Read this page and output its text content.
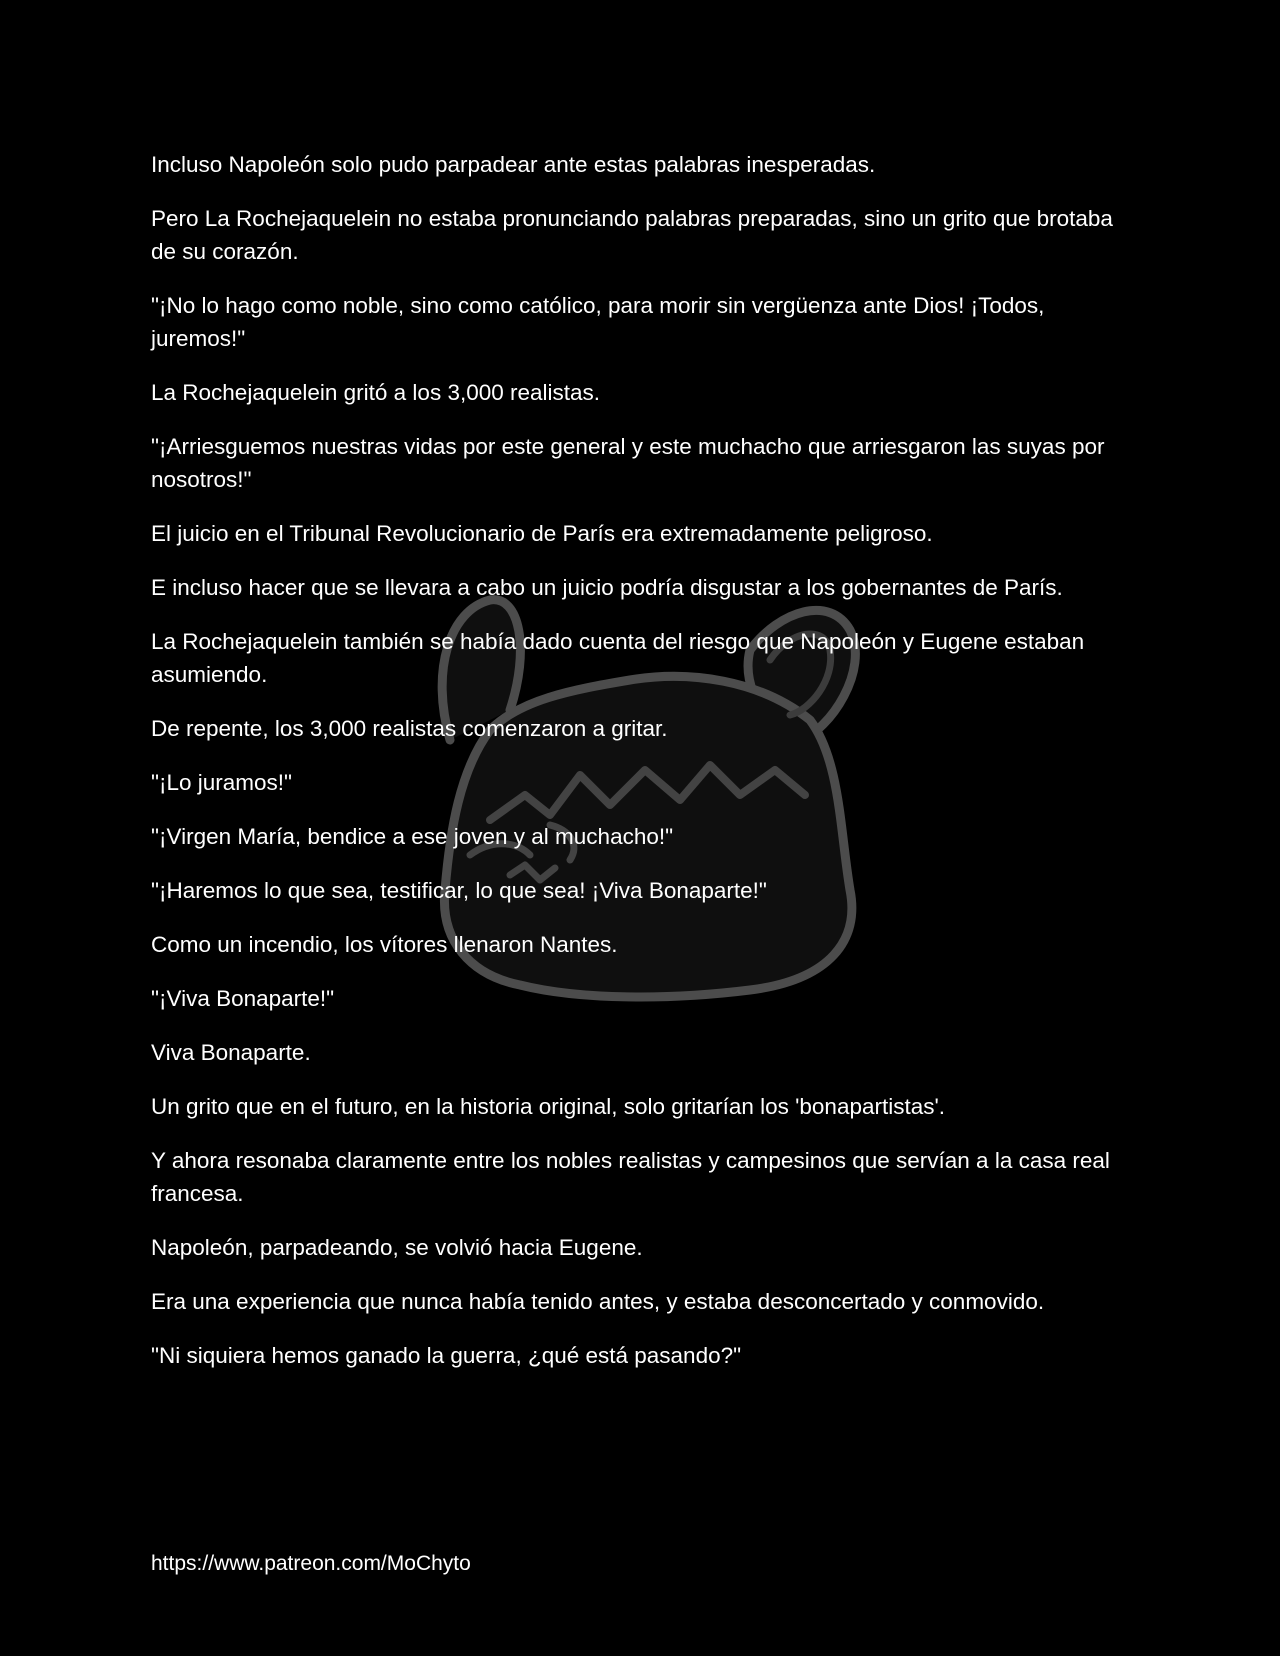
Incluso Napoleón solo pudo parpadear ante estas palabras inesperadas.

Pero La Rochejaquelein no estaba pronunciando palabras preparadas, sino un grito que brotaba de su corazón.

"¡No lo hago como noble, sino como católico, para morir sin vergüenza ante Dios! ¡Todos, juremos!"

La Rochejaquelein gritó a los 3,000 realistas.

"¡Arriesguemos nuestras vidas por este general y este muchacho que arriesgaron las suyas por nosotros!"

El juicio en el Tribunal Revolucionario de París era extremadamente peligroso.

E incluso hacer que se llevara a cabo un juicio podría disgustar a los gobernantes de París.

La Rochejaquelein también se había dado cuenta del riesgo que Napoleón y Eugene estaban asumiendo.

De repente, los 3,000 realistas comenzaron a gritar.

"¡Lo juramos!"

"¡Virgen María, bendice a ese joven y al muchacho!"

"¡Haremos lo que sea, testificar, lo que sea! ¡Viva Bonaparte!"

Como un incendio, los vítores llenaron Nantes.

"¡Viva Bonaparte!"

Viva Bonaparte.

Un grito que en el futuro, en la historia original, solo gritarían los 'bonapartistas'.

Y ahora resonaba claramente entre los nobles realistas y campesinos que servían a la casa real francesa.

Napoleón, parpadeando, se volvió hacia Eugene.

Era una experiencia que nunca había tenido antes, y estaba desconcertado y conmovido.

"Ni siquiera hemos ganado la guerra, ¿qué está pasando?"

https://www.patreon.com/MoChyto
